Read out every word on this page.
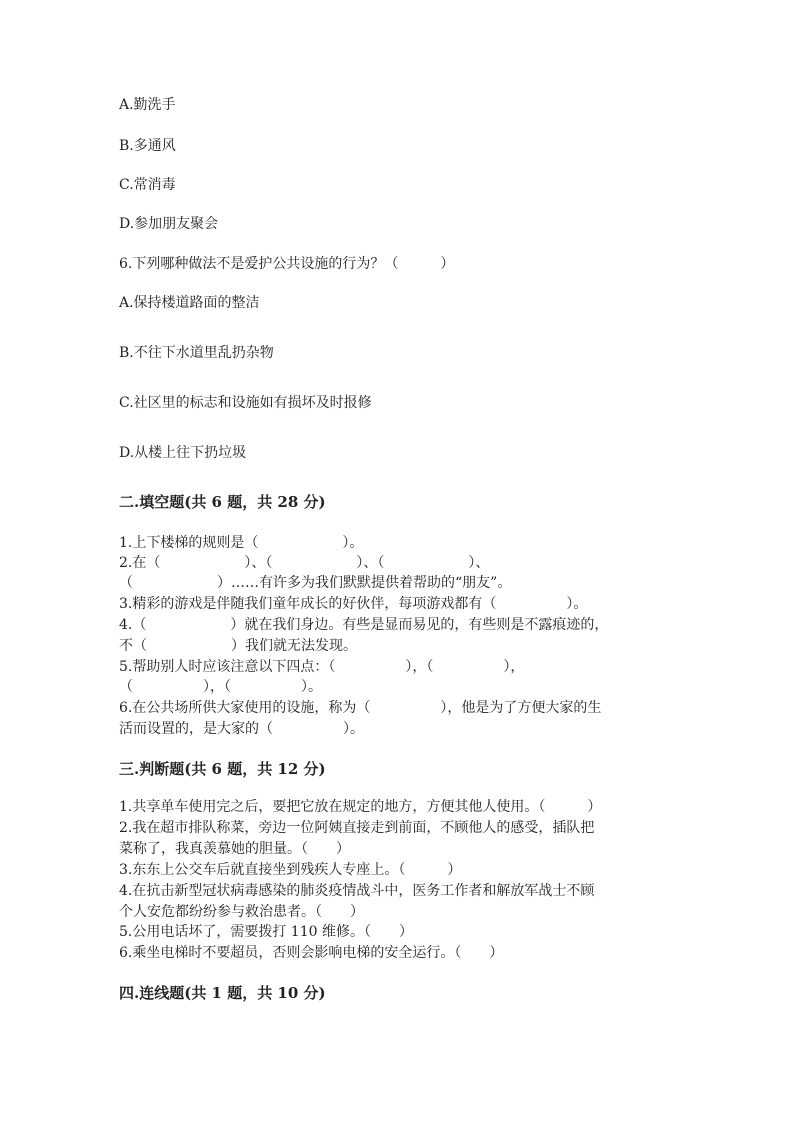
A.勤洗手
B.多通风
C.常消毒
D.参加朋友聚会
6.下列哪种做法不是爱护公共设施的行为？（　　　）
A.保持楼道路面的整洁
B.不往下水道里乱扔杂物
C.社区里的标志和设施如有损坏及时报修
D.从楼上往下扔垃圾
二.填空题(共 6 题，共 28 分)
1.上下楼梯的规则是（　　　　　　）。
2.在（　　　　　　）、（　　　　　　）、（　　　　　　）、
（　　　　　　）……有许多为我们默默提供着帮助的“朋友”。
3.精彩的游戏是伴随我们童年成长的好伙伴，每项游戏都有（　　　　　）。
4.（　　　　　　）就在我们身边。有些是显而易见的，有些则是不露痕迹的，
不（　　　　　　）我们就无法发现。
5.帮助别人时应该注意以下四点：（　　　　　），（　　　　　），
（　　　　　），（　　　　　）。
6.在公共场所供大家使用的设施，称为（　　　　　），他是为了方便大家的生
活而设置的，是大家的（　　　　　）。
三.判断题(共 6 题，共 12 分)
1.共享单车使用完之后，要把它放在规定的地方，方便其他人使用。（　　　）
2.我在超市排队称菜，旁边一位阿姨直接走到前面，不顾他人的感受，插队把
菜称了，我真羡慕她的胆量。（　　）
3.东东上公交车后就直接坐到残疾人专座上。（　　　）
4.在抗击新型冠状病毒感染的肺炎疫情战斗中，医务工作者和解放军战士不顾
个人安危都纷纷参与救治患者。（　　）
5.公用电话坏了，需要拨打 110 维修。（　　）
6.乘坐电梯时不要超员，否则会影响电梯的安全运行。（　　）
四.连线题(共 1 题，共 10 分)
